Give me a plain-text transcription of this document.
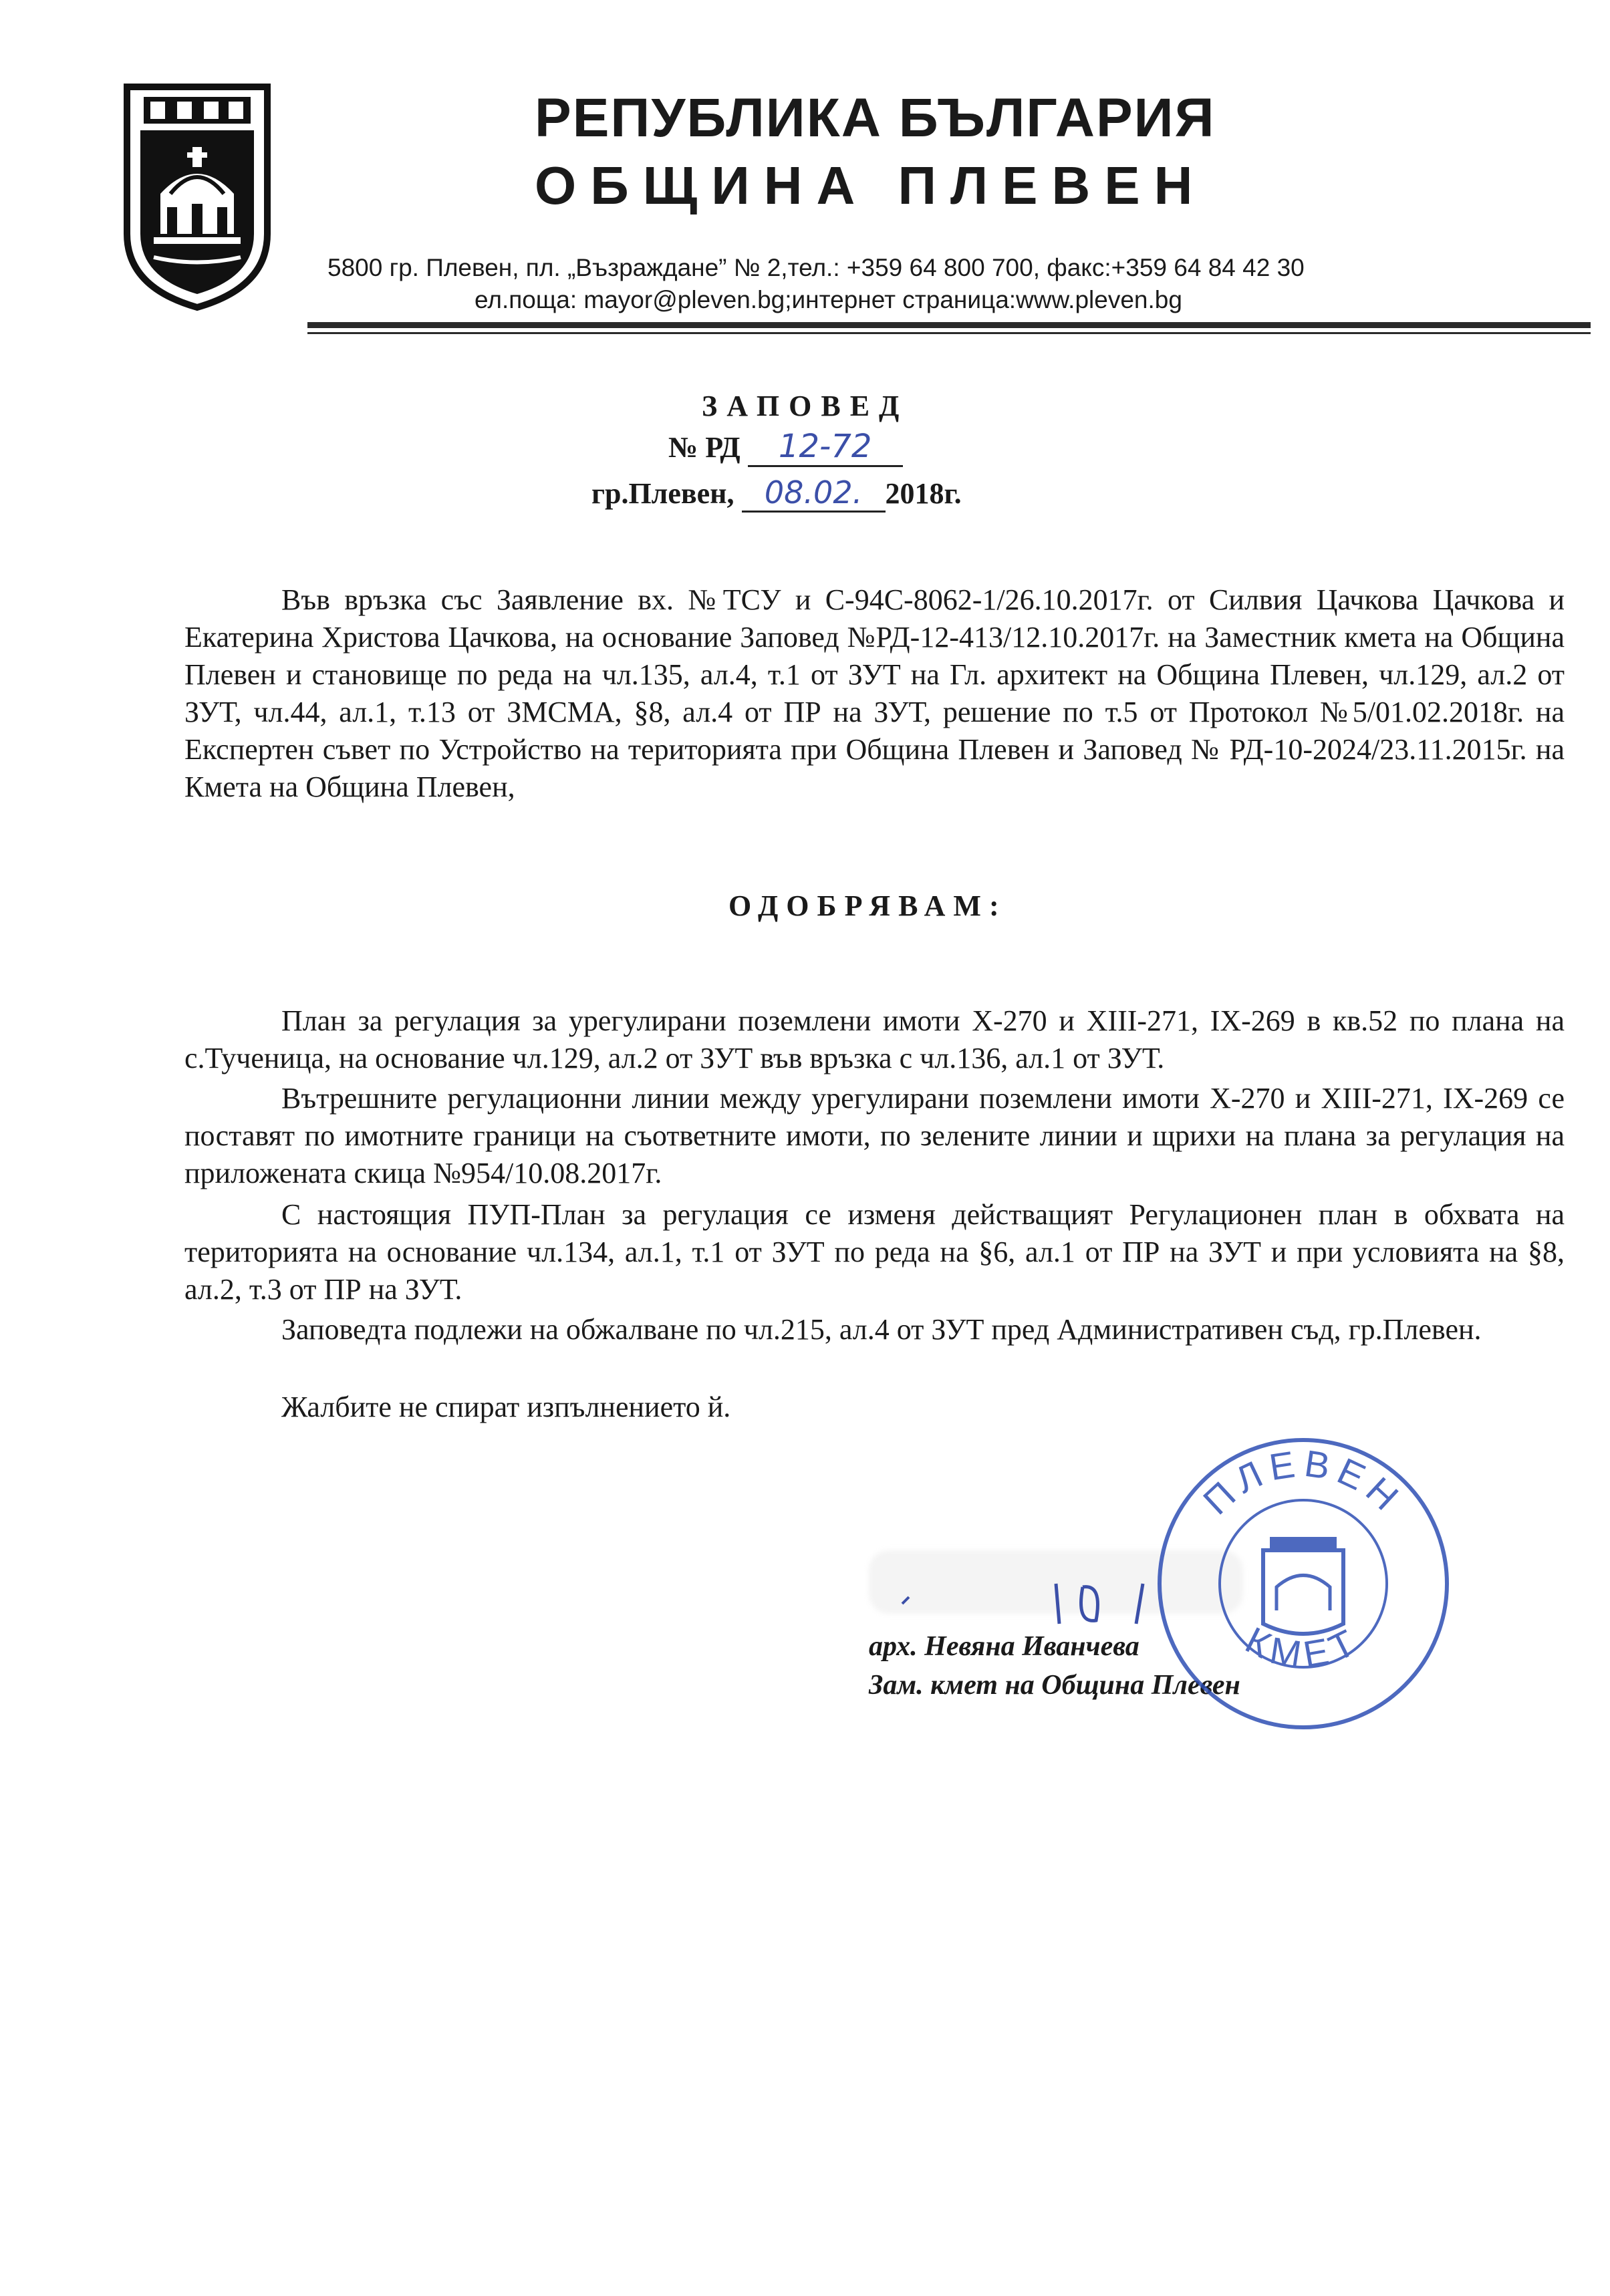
РЕПУБЛИКА БЪЛГАРИЯ
ОБЩИНА ПЛЕВЕН
5800 гр. Плевен, пл. „Възраждане” № 2,тел.: +359 64 800 700, факс:+359 64 84 42 30
ел.поща: mayor@pleven.bg;интернет страница:www.pleven.bg
ЗАПОВЕД
№ РД 12-72
гр.Плевен, 08.02. 2018г.

Във връзка със Заявление вх. №ТСУ и С-94С-8062-1/26.10.2017г. от Силвия Цачкова Цачкова и Екатерина Христова Цачкова, на основание Заповед №РД-12-413/12.10.2017г. на Заместник кмета на Община Плевен и становище по реда на чл.135, ал.4, т.1 от ЗУТ на Гл. архитект на Община Плевен, чл.129, ал.2 от ЗУТ, чл.44, ал.1, т.13 от ЗМСМА, §8, ал.4 от ПР на ЗУТ, решение по т.5 от Протокол №5/01.02.2018г. на Експертен съвет по Устройство на територията при Община Плевен и Заповед № РД-10-2024/23.11.2015г. на Кмета на Община Плевен,

ОДОБРЯВАМ:

План за регулация за урегулирани поземлени имоти Х-270 и ХIII-271, IХ-269 в кв.52 по плана на с.Тученица, на основание чл.129, ал.2 от ЗУТ във връзка с чл.136, ал.1 от ЗУТ.

Вътрешните регулационни линии между урегулирани поземлени имоти Х-270 и ХIII-271, IХ-269 се поставят по имотните граници на съответните имоти, по зелените линии и щрихи на плана за регулация на приложената скица №954/10.08.2017г.

С настоящия ПУП-План за регулация се изменя действащият Регулационен план в обхвата на територията на основание чл.134, ал.1, т.1 от ЗУТ по реда на §6, ал.1 от ПР на ЗУТ и при условията на §8, ал.2, т.3 от ПР на ЗУТ.

Заповедта подлежи на обжалване по чл.215, ал.4 от ЗУТ пред Административен съд, гр.Плевен.

Жалбите не спират изпълнението й.

арх. Невяна Иванчева
Зам. кмет на Община Плевен
ПЛЕВЕН
КМЕТ
